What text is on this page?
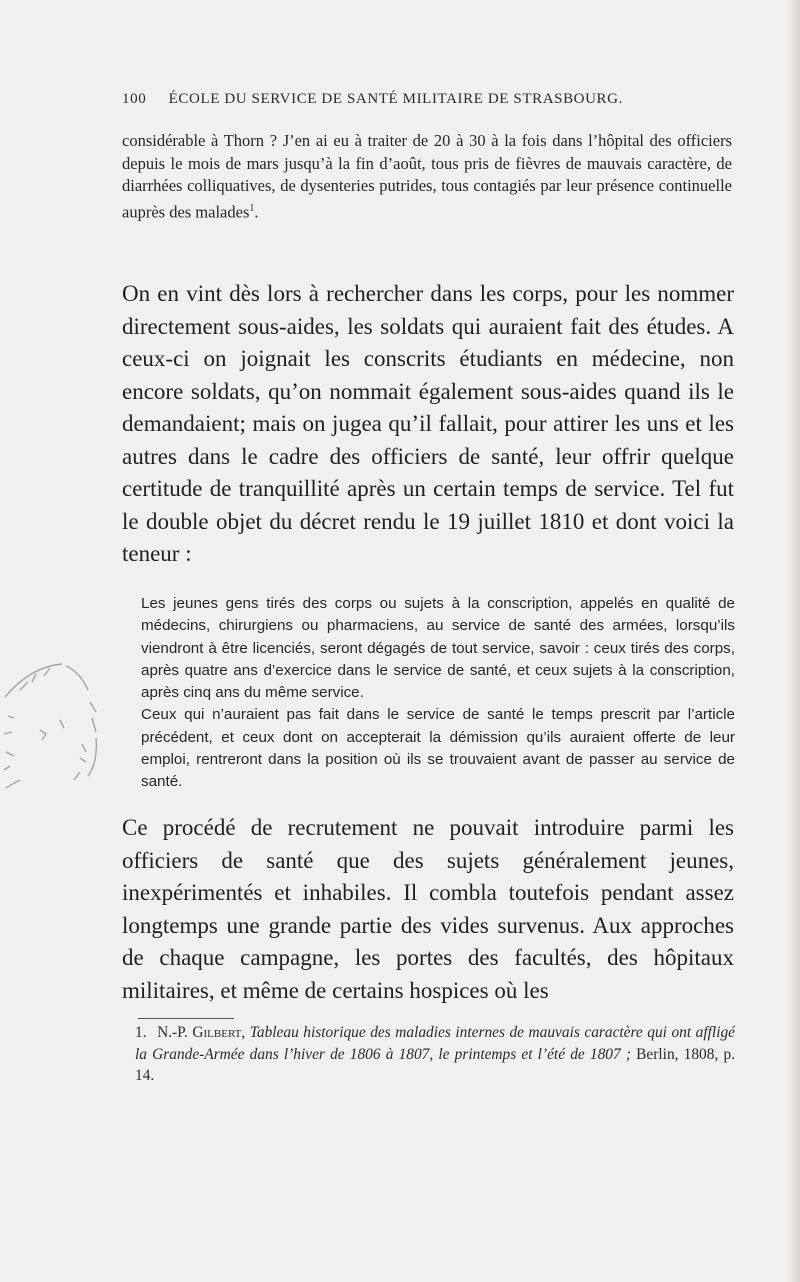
100 ÉCOLE DU SERVICE DE SANTÉ MILITAIRE DE STRASBOURG.
considérable à Thorn ? J’en ai eu à traiter de 20 à 30 à la fois dans l’hôpital des officiers depuis le mois de mars jusqu’à la fin d’août, tous pris de fièvres de mauvais caractère, de diarrhées colliquatives, de dysenteries putrides, tous contagiés par leur présence continuelle auprès des malades$^1$.
On en vint dès lors à rechercher dans les corps, pour les nommer directement sous-aides, les soldats qui auraient fait des études. A ceux-ci on joignait les conscrits étudiants en médecine, non encore soldats, qu’on nommait également sous-aides quand ils le demandaient; mais on jugea qu’il fallait, pour attirer les uns et les autres dans le cadre des officiers de santé, leur offrir quelque certitude de tranquillité après un certain temps de service. Tel fut le double objet du décret rendu le 19 juillet 1810 et dont voici la teneur :

Les jeunes gens tirés des corps ou sujets à la conscription, appelés en qualité de médecins, chirurgiens ou pharmaciens, au service de santé des armées, lorsqu’ils viendront à être licenciés, seront dégagés de tout service, savoir : ceux tirés des corps, après quatre ans d’exercice dans le service de santé, et ceux sujets à la conscription, après cinq ans du même service.

Ceux qui n’auraient pas fait dans le service de santé le temps prescrit par l’article précédent, et ceux dont on accepterait la démission qu’ils auraient offerte de leur emploi, rentreront dans la position où ils se trouvaient avant de passer au service de santé.

Ce procédé de recrutement ne pouvait introduire parmi les officiers de santé que des sujets généralement jeunes, inexpérimentés et inhabiles. Il combla toutefois pendant assez longtemps une grande partie des vides survenus. Aux approches de chaque campagne, les portes des facultés, des hôpitaux militaires, et même de certains hospices où les
1. N.-P. Gilbert, Tableau historique des maladies internes de mauvais caractère qui ont affligé la Grande-Armée dans l’hiver de 1806 à 1807, le printemps et l’été de 1807 ; Berlin, 1808, p. 14.
